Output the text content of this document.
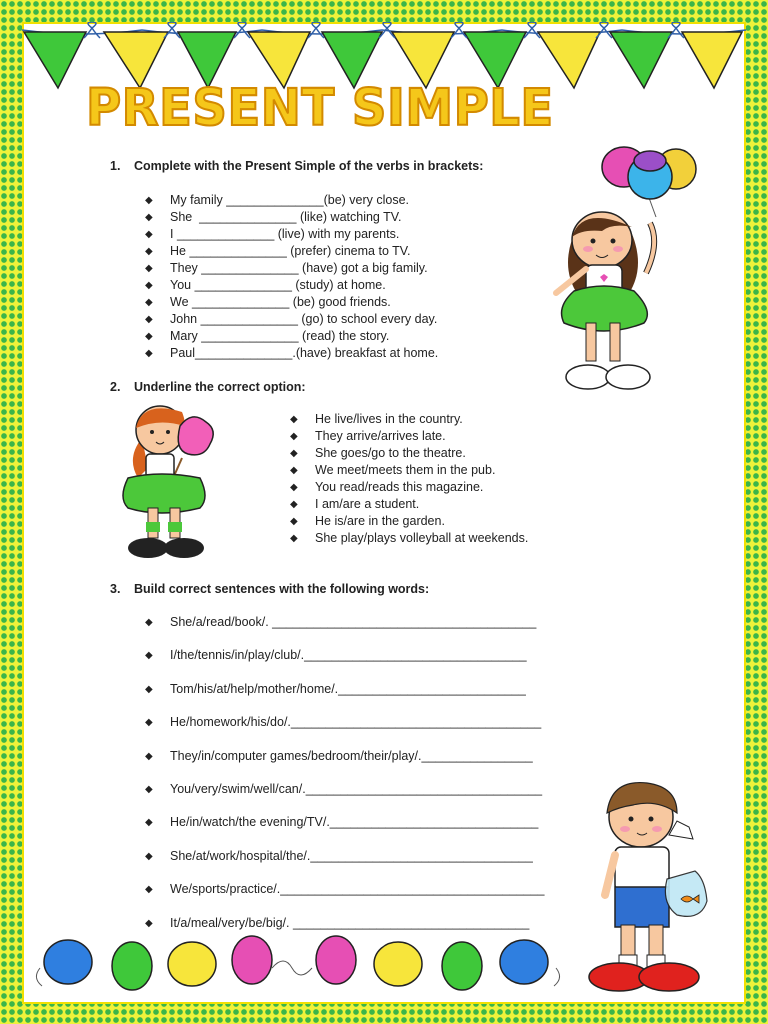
PRESENT SIMPLE
1. Complete with the Present Simple of the verbs in brackets:
◆ My family ______________(be) very close.
◆ She  ______________ (like) watching TV.
◆ I ______________ (live) with my parents.
◆ He ______________ (prefer) cinema to TV.
◆ They ______________ (have) got a big family.
◆ You ______________ (study) at home.
◆ We ______________ (be) good friends.
◆ John ______________ (go) to school every day.
◆ Mary ______________ (read) the story.
◆ Paul______________.(have) breakfast at home.
2. Underline the correct option:
◆ He live/lives in the country.
◆ They arrive/arrives late.
◆ She goes/go to the theatre.
◆ We meet/meets them in the pub.
◆ You read/reads this magazine.
◆ I am/are a student.
◆ He is/are in the garden.
◆ She play/plays volleyball at weekends.
3. Build correct sentences with the following words:
◆ She/a/read/book/. ______________________________________
◆ I/the/tennis/in/play/club/.________________________________
◆ Tom/his/at/help/mother/home/.___________________________
◆ He/homework/his/do/.____________________________________
◆ They/in/computer games/bedroom/their/play/.________________
◆ You/very/swim/well/can/.__________________________________
◆ He/in/watch/the evening/TV/.______________________________
◆ She/at/work/hospital/the/.________________________________
◆ We/sports/practice/.______________________________________
◆ It/a/meal/very/be/big/. __________________________________
